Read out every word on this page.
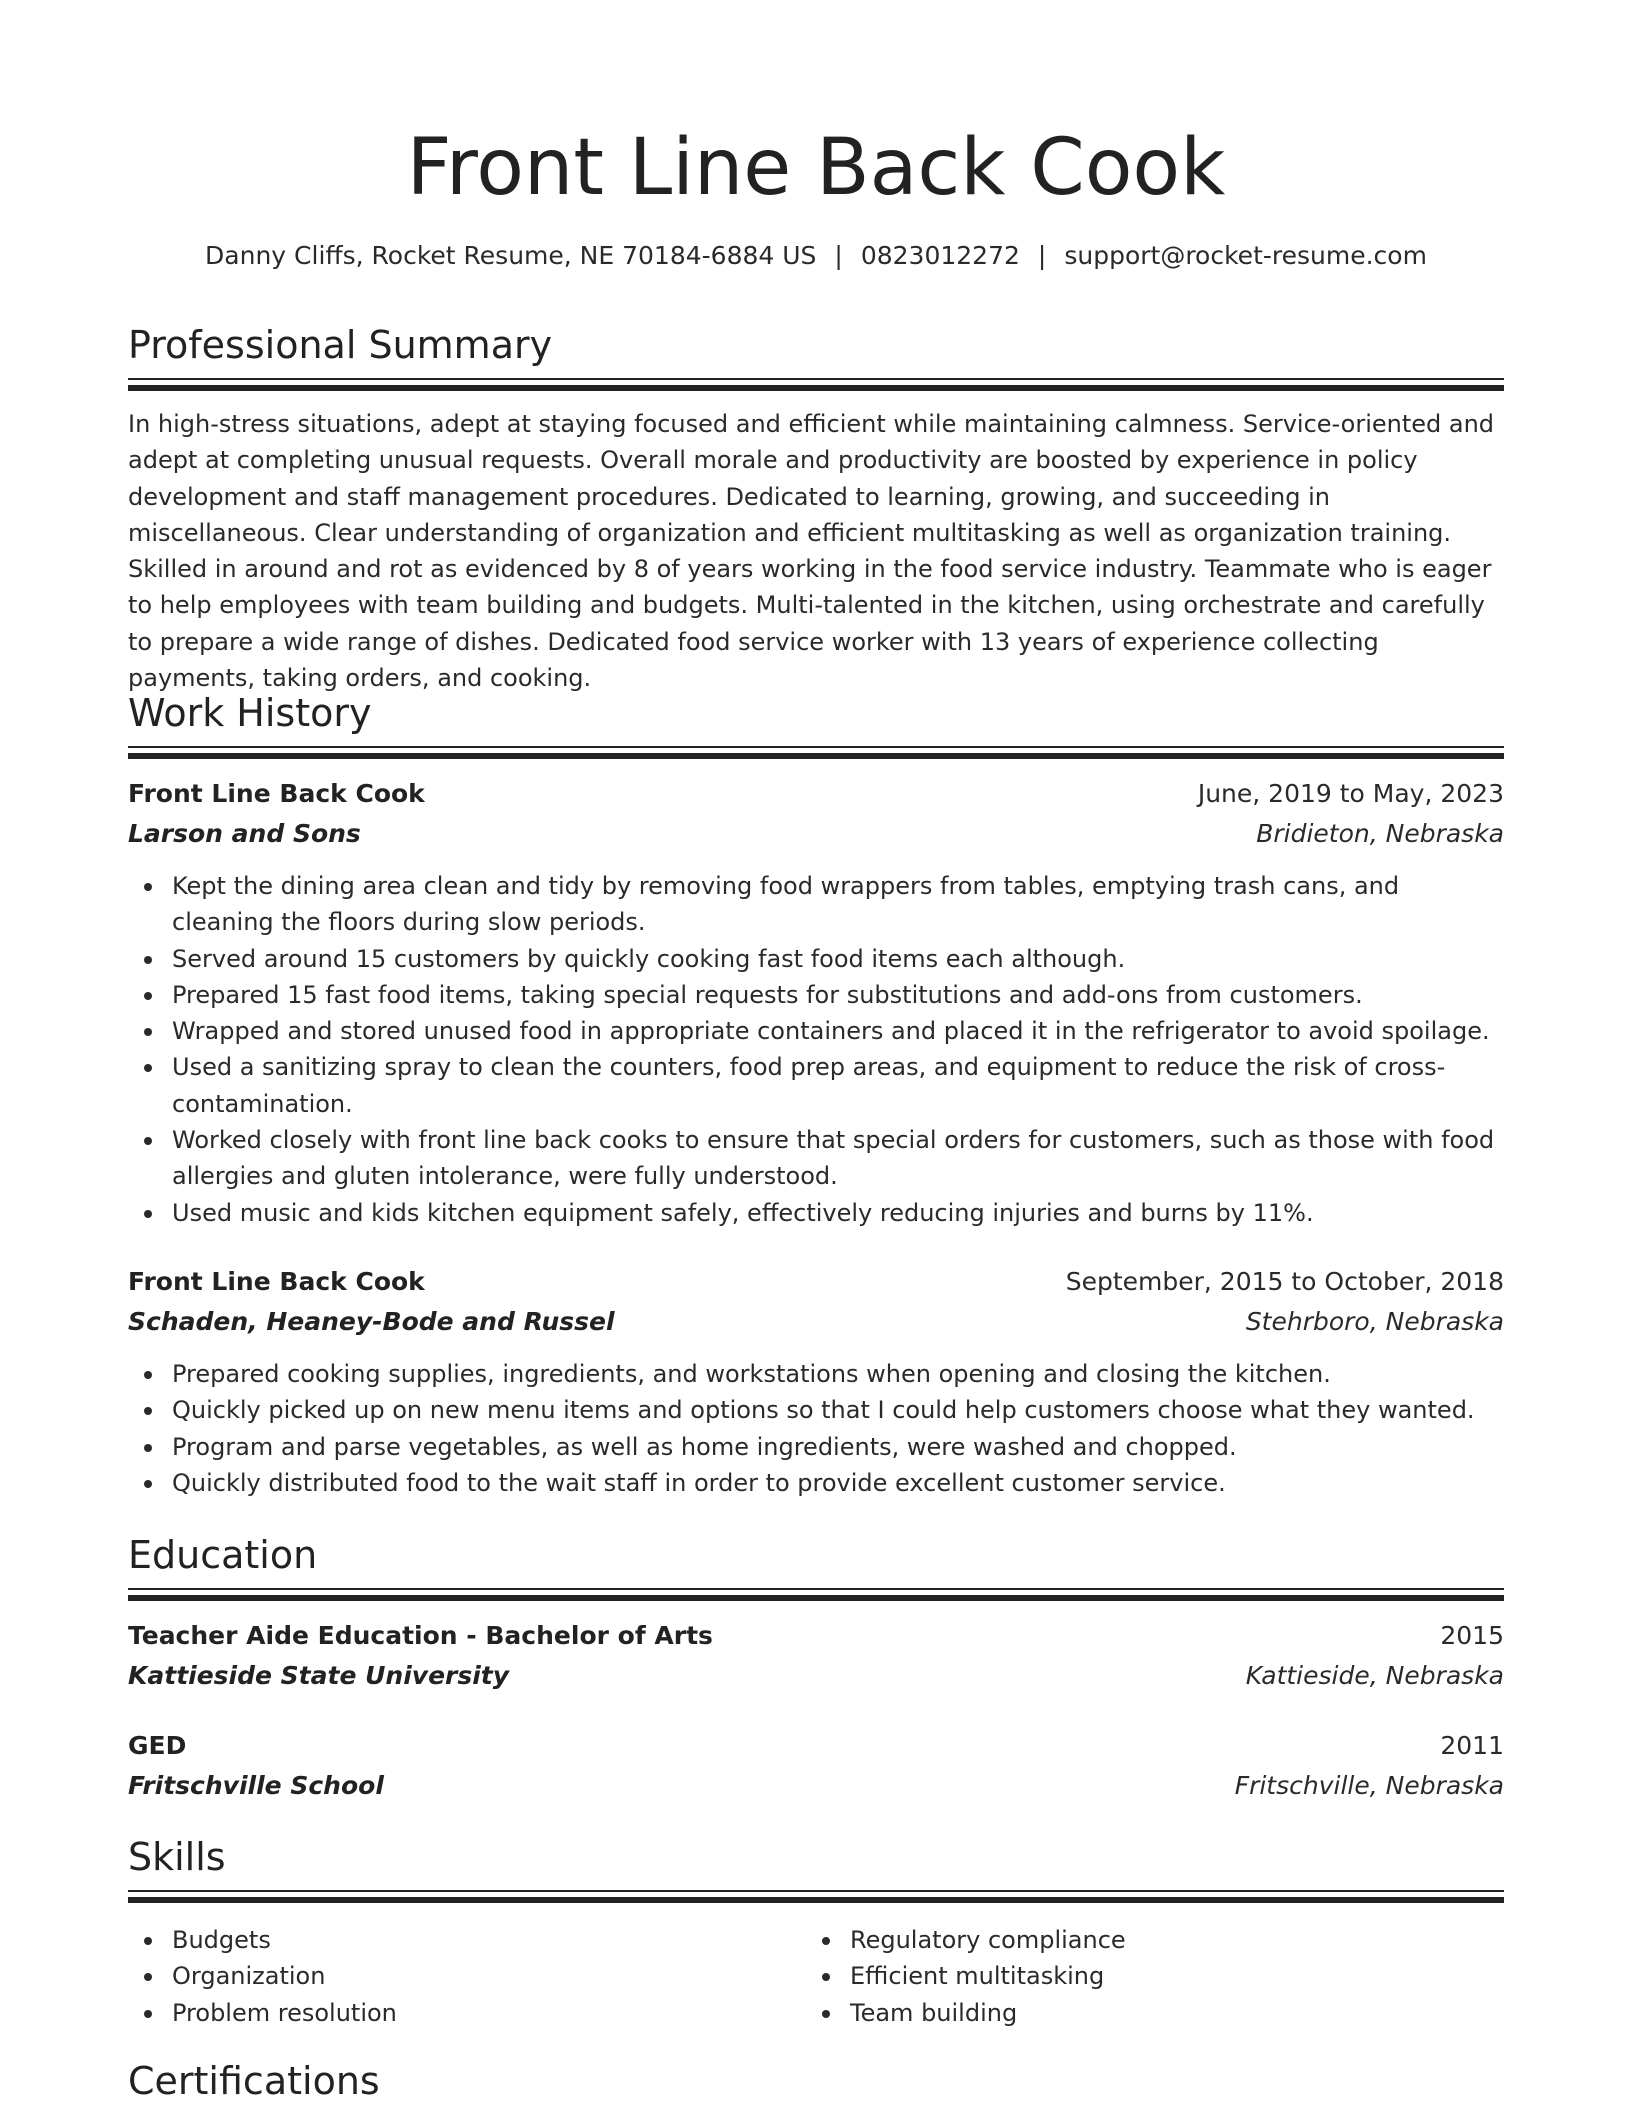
Front Line Back Cook
Danny Cliffs, Rocket Resume, NE 70184-6884 US | 0823012272 | support@rocket-resume.com
Professional Summary

In high-stress situations, adept at staying focused and efficient while maintaining calmness. Service-oriented and adept at completing unusual requests. Overall morale and productivity are boosted by experience in policy development and staff management procedures. Dedicated to learning, growing, and succeeding in miscellaneous. Clear understanding of organization and efficient multitasking as well as organization training. Skilled in around and rot as evidenced by 8 of years working in the food service industry. Teammate who is eager to help employees with team building and budgets. Multi-talented in the kitchen, using orchestrate and carefully to prepare a wide range of dishes. Dedicated food service worker with 13 years of experience collecting payments, taking orders, and cooking.

Work History
Front Line Back Cook	June, 2019 to May, 2023
Larson and Sons	Bridieton, Nebraska
Kept the dining area clean and tidy by removing food wrappers from tables, emptying trash cans, and cleaning the floors during slow periods.
Served around 15 customers by quickly cooking fast food items each although.
Prepared 15 fast food items, taking special requests for substitutions and add-ons from customers.
Wrapped and stored unused food in appropriate containers and placed it in the refrigerator to avoid spoilage.
Used a sanitizing spray to clean the counters, food prep areas, and equipment to reduce the risk of cross-contamination.
Worked closely with front line back cooks to ensure that special orders for customers, such as those with food allergies and gluten intolerance, were fully understood.
Used music and kids kitchen equipment safely, effectively reducing injuries and burns by 11%.
Front Line Back Cook	September, 2015 to October, 2018
Schaden, Heaney-Bode and Russel	Stehrboro, Nebraska
Prepared cooking supplies, ingredients, and workstations when opening and closing the kitchen.
Quickly picked up on new menu items and options so that I could help customers choose what they wanted.
Program and parse vegetables, as well as home ingredients, were washed and chopped.
Quickly distributed food to the wait staff in order to provide excellent customer service.
Education
Teacher Aide Education - Bachelor of Arts	2015
Kattieside State University	Kattieside, Nebraska
GED	2011
Fritschville School	Fritschville, Nebraska
Skills
Budgets
Organization
Problem resolution
Regulatory compliance
Efficient multitasking
Team building
Certifications
